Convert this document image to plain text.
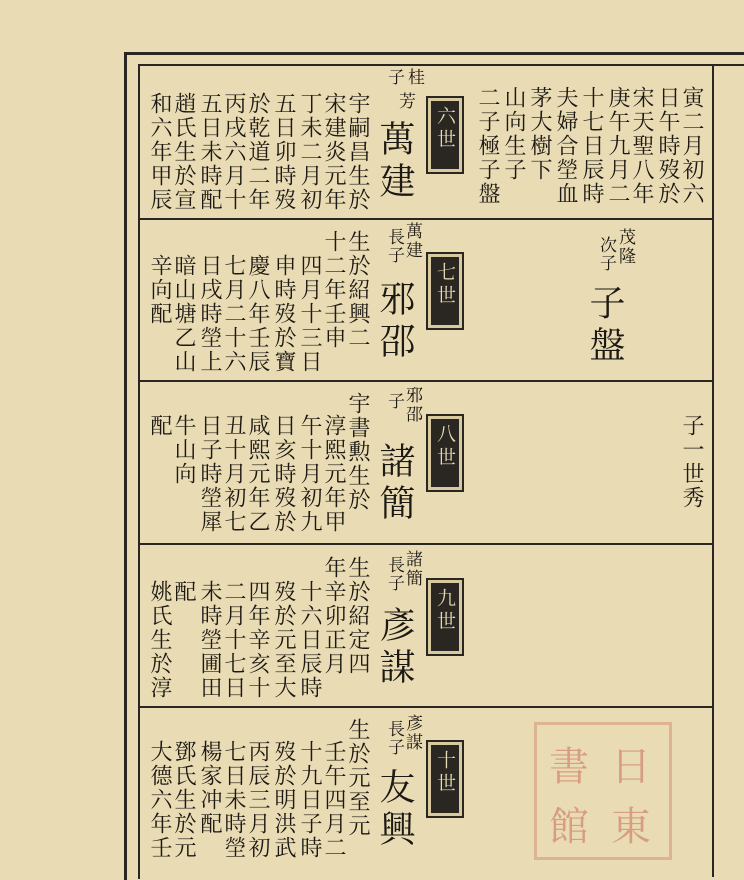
子 桂
芳
六世
萬建
宇嗣昌生於
宋建炎元年
丁未二月初
五日卯時歿
於乾道二年
丙戌六月十
五日未時配
趙氏生於宣
和六年甲辰	寅二月初六
日午時歿於
宋天聖八年
庚午九月二
十七日辰時
夫婦合塋血
茅大樹下
山向生子
二子極子盤
長
萬建
子
七世
邪邵
生於紹興二
十二年壬申
四月十三日
申時歿於寶
慶八年壬辰
七月二十六
日戌時塋上
暗山塘乙山
辛向配
次 茂隆
子
子盤
子
邪邵
八世
諸簡
宇書勲生於
淳熙元年甲
午十月初九
日亥時歿於
咸熙元年乙
丑十月初七
日子時塋犀
牛山向
配	子一世秀
長
諸簡
子
九世
彥謀
生於紹定四
年辛卯正月
十六日辰時
歿於元至大
四年辛亥十
二月十七日
未時塋圃田
配
姚氏生於淳
長
彥謀
子
十世
友興
生於元至元
壬午四月二
十九日子時
歿於明洪武
丙辰三月初
七日未時塋
楊家冲配
鄧氏生於元
大德六年壬	書
館
日
東
